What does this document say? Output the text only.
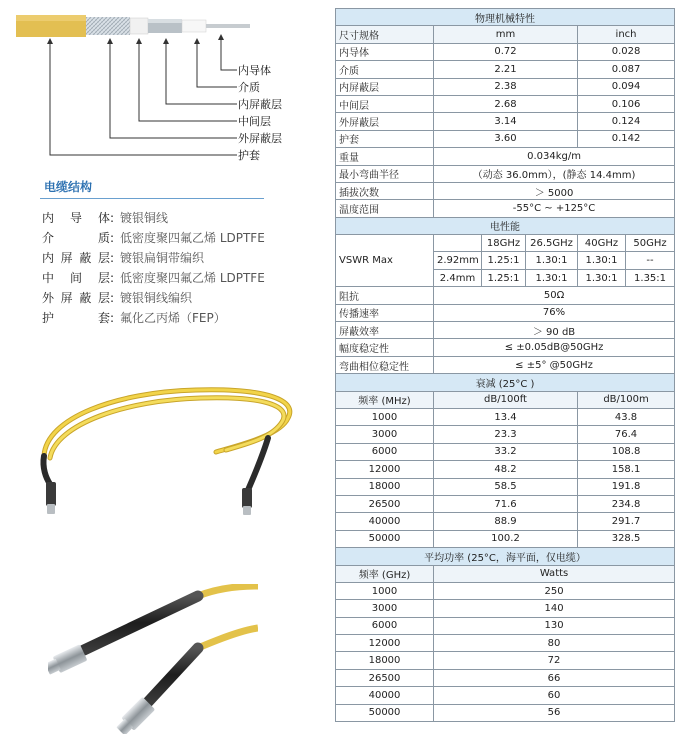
内导体
介质
内屏蔽层
中间层
外屏蔽层
护套
电缆结构
内导体 : 镀银铜线
介质 : 低密度聚四氟乙烯 LDPTFE
内屏蔽层 : 镀银扁铜带编织
中间层 : 低密度聚四氟乙烯 LDPTFE
外屏蔽层 : 镀银铜线编织
护套 : 氟化乙丙烯（FEP）
物理机械特性					
尺寸规格	mm			inch	
内导体	0.72			0.028	
介质	2.21			0.087	
内屏蔽层	2.38			0.094	
中间层	2.68			0.106	
外屏蔽层	3.14			0.124	
护套	3.60			0.142	
重量	0.034kg/m				
最小弯曲半径	（动态 36.0mm），(静态 14.4mm)				
插拔次数	＞ 5000				
温度范围	-55°C ~ +125°C				
电性能					
VSWR Max		18GHz	26.5GHz	40GHz	50GHz
	2.92mm	1.25:1	1.30:1	1.30:1	--
	2.4mm	1.25:1	1.30:1	1.30:1	1.35:1
阻抗	50Ω				
传播速率	76%				
屏蔽效率	＞ 90 dB				
幅度稳定性	≤ ±0.05dB@50GHz				
弯曲相位稳定性	≤ ±5° @50GHz				
衰减 (25°C )					
频率 (MHz)	dB/100ft			dB/100m	
1000	13.4			43.8	
3000	23.3			76.4	
6000	33.2			108.8	
12000	48.2			158.1	
18000	58.5			191.8	
26500	71.6			234.8	
40000	88.9			291.7	
50000	100.2			328.5	
平均功率 (25°C，海平面，仅电缆）					
频率 (GHz)	Watts				
1000	250				
3000	140				
6000	130				
12000	80				
18000	72				
26500	66				
40000	60				
50000	56				
